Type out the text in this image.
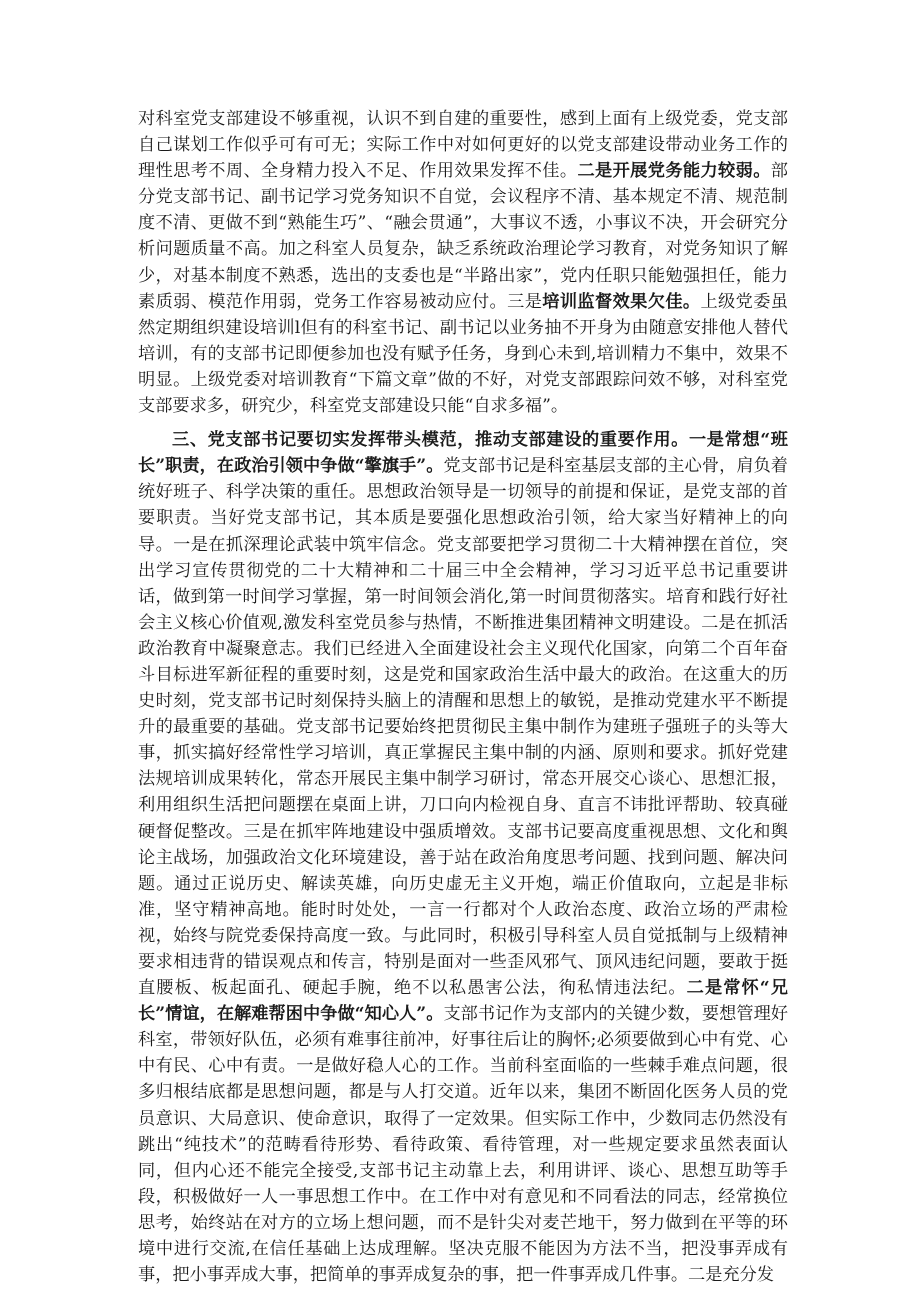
对科室党支部建设不够重视，认识不到自建的重要性，感到上面有上级党委，党支部自己谋划工作似乎可有可无；实际工作中对如何更好的以党支部建设带动业务工作的理性思考不周、全身精力投入不足、作用效果发挥不佳。二是开展党务能力较弱。部分党支部书记、副书记学习党务知识不自觉，会议程序不清、基本规定不清、规范制度不清、更做不到“熟能生巧”、“融会贯通”，大事议不透，小事议不决，开会研究分析问题质量不高。加之科室人员复杂，缺乏系统政治理论学习教育，对党务知识了解少，对基本制度不熟悉，选出的支委也是“半路出家”，党内任职只能勉强担任，能力素质弱、模范作用弱，党务工作容易被动应付。三是培训监督效果欠佳。上级党委虽然定期组织建设培训l但有的科室书记、副书记以业务抽不开身为由随意安排他人替代培训，有的支部书记即便参加也没有赋予任务，身到心未到,培训精力不集中，效果不明显。上级党委对培训教育“下篇文章”做的不好，对党支部跟踪问效不够，对科室党支部要求多，研究少，科室党支部建设只能“自求多福”。

三、党支部书记要切实发挥带头模范，推动支部建设的重要作用。一是常想“班长”职责，在政治引领中争做“擎旗手”。党支部书记是科室基层支部的主心骨，肩负着统好班子、科学决策的重任。思想政治领导是一切领导的前提和保证，是党支部的首要职责。当好党支部书记，其本质是要强化思想政治引领，给大家当好精神上的向导。一是在抓深理论武装中筑牢信念。党支部要把学习贯彻二十大精神摆在首位，突出学习宣传贯彻党的二十大精神和二十届三中全会精神，学习习近平总书记重要讲话，做到第一时间学习掌握，第一时间领会消化,第一时间贯彻落实。培育和践行好社会主义核心价值观,激发科室党员参与热情，不断推进集团精神文明建设。二是在抓活政治教育中凝聚意志。我们已经进入全面建设社会主义现代化国家，向第二个百年奋斗目标进军新征程的重要时刻，这是党和国家政治生活中最大的政治。在这重大的历史时刻，党支部书记时刻保持头脑上的清醒和思想上的敏锐，是推动党建水平不断提升的最重要的基础。党支部书记要始终把贯彻民主集中制作为建班子强班子的头等大事，抓实搞好经常性学习培训，真正掌握民主集中制的内涵、原则和要求。抓好党建法规培训成果转化，常态开展民主集中制学习研讨，常态开展交心谈心、思想汇报，利用组织生活把问题摆在桌面上讲，刀口向内检视自身、直言不讳批评帮助、较真碰硬督促整改。三是在抓牢阵地建设中强质增效。支部书记要高度重视思想、文化和舆论主战场，加强政治文化环境建设，善于站在政治角度思考问题、找到问题、解决问题。通过正说历史、解读英雄，向历史虚无主义开炮，端正价值取向，立起是非标准，坚守精神高地。能时时处处，一言一行都对个人政治态度、政治立场的严肃检视，始终与院党委保持高度一致。与此同时，积极引导科室人员自觉抵制与上级精神要求相违背的错误观点和传言，特别是面对一些歪风邪气、顶风违纪问题，要敢于挺直腰板、板起面孔、硬起手腕，绝不以私愚害公法，徇私情违法纪。二是常怀“兄长”情谊，在解难帮困中争做“知心人”。支部书记作为支部内的关键少数，要想管理好科室，带领好队伍，必须有难事往前冲，好事往后让的胸怀;必须要做到心中有党、心中有民、心中有责。一是做好稳人心的工作。当前科室面临的一些棘手难点问题，很多归根结底都是思想问题，都是与人打交道。近年以来，集团不断固化医务人员的党员意识、大局意识、使命意识，取得了一定效果。但实际工作中，少数同志仍然没有跳出“纯技术”的范畴看待形势、看待政策、看待管理，对一些规定要求虽然表面认同，但内心还不能完全接受,支部书记主动靠上去，利用讲评、谈心、思想互助等手段，积极做好一人一事思想工作中。在工作中对有意见和不同看法的同志，经常换位思考，始终站在对方的立场上想问题，而不是针尖对麦芒地干，努力做到在平等的环境中进行交流,在信任基础上达成理解。坚决克服不能因为方法不当，把没事弄成有事，把小事弄成大事，把简单的事弄成复杂的事，把一件事弄成几件事。二是充分发
